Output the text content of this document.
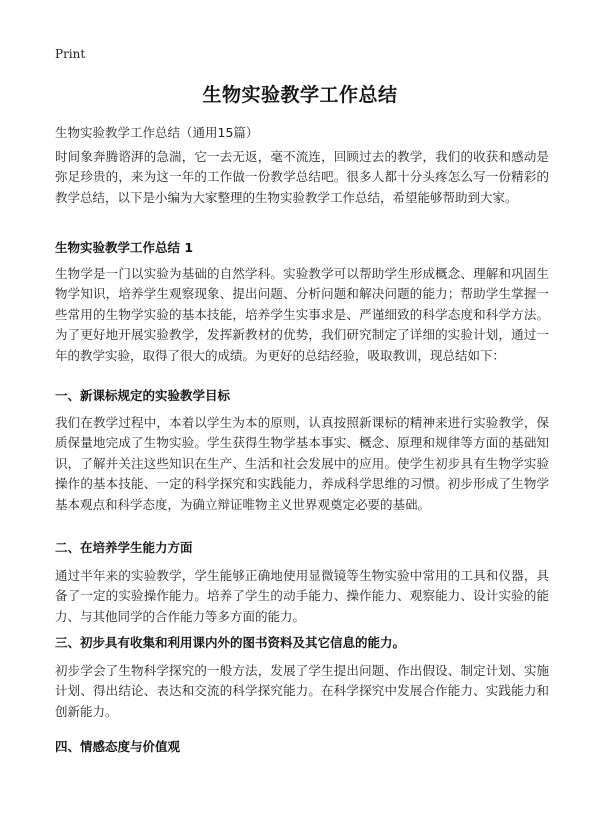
Print
生物实验教学工作总结
生物实验教学工作总结（通用15篇）
时间象奔腾谘湃的急湍，它一去无返，毫不流连，回顾过去的教学，我们的收获和感动是弥足珍贵的，来为这一年的工作做一份教学总结吧。很多人都十分头疼怎么写一份精彩的教学总结，以下是小编为大家整理的生物实验教学工作总结，希望能够帮助到大家。
生物实验教学工作总结 1
生物学是一门以实验为基础的自然学科。实验教学可以帮助学生形成概念、理解和巩固生物学知识，培养学生观察现象、提出问题、分析问题和解决问题的能力；帮助学生掌握一些常用的生物学实验的基本技能，培养学生实事求是、严谨细致的科学态度和科学方法。为了更好地开展实验教学，发挥新教材的优势，我们研究制定了详细的实验计划，通过一年的教学实验，取得了很大的成绩。为更好的总结经验，吸取教训，现总结如下：
一、新课标规定的实验教学目标
我们在教学过程中，本着以学生为本的原则，认真按照新课标的精神来进行实验教学，保质保量地完成了生物实验。学生获得生物学基本事实、概念、原理和规律等方面的基础知识，了解并关注这些知识在生产、生活和社会发展中的应用。使学生初步具有生物学实验操作的基本技能、一定的科学探究和实践能力，养成科学思维的习惯。初步形成了生物学基本观点和科学态度，为确立辩证唯物主义世界观奠定必要的基础。
二、在培养学生能力方面
通过半年来的实验教学，学生能够正确地使用显微镜等生物实验中常用的工具和仪器，具备了一定的实验操作能力。培养了学生的动手能力、操作能力、观察能力、设计实验的能力、与其他同学的合作能力等多方面的能力。
三、初步具有收集和利用课内外的图书资料及其它信息的能力。
初步学会了生物科学探究的一般方法，发展了学生提出问题、作出假设、制定计划、实施计划、得出结论、表达和交流的科学探究能力。在科学探究中发展合作能力、实践能力和创新能力。
四、情感态度与价值观
